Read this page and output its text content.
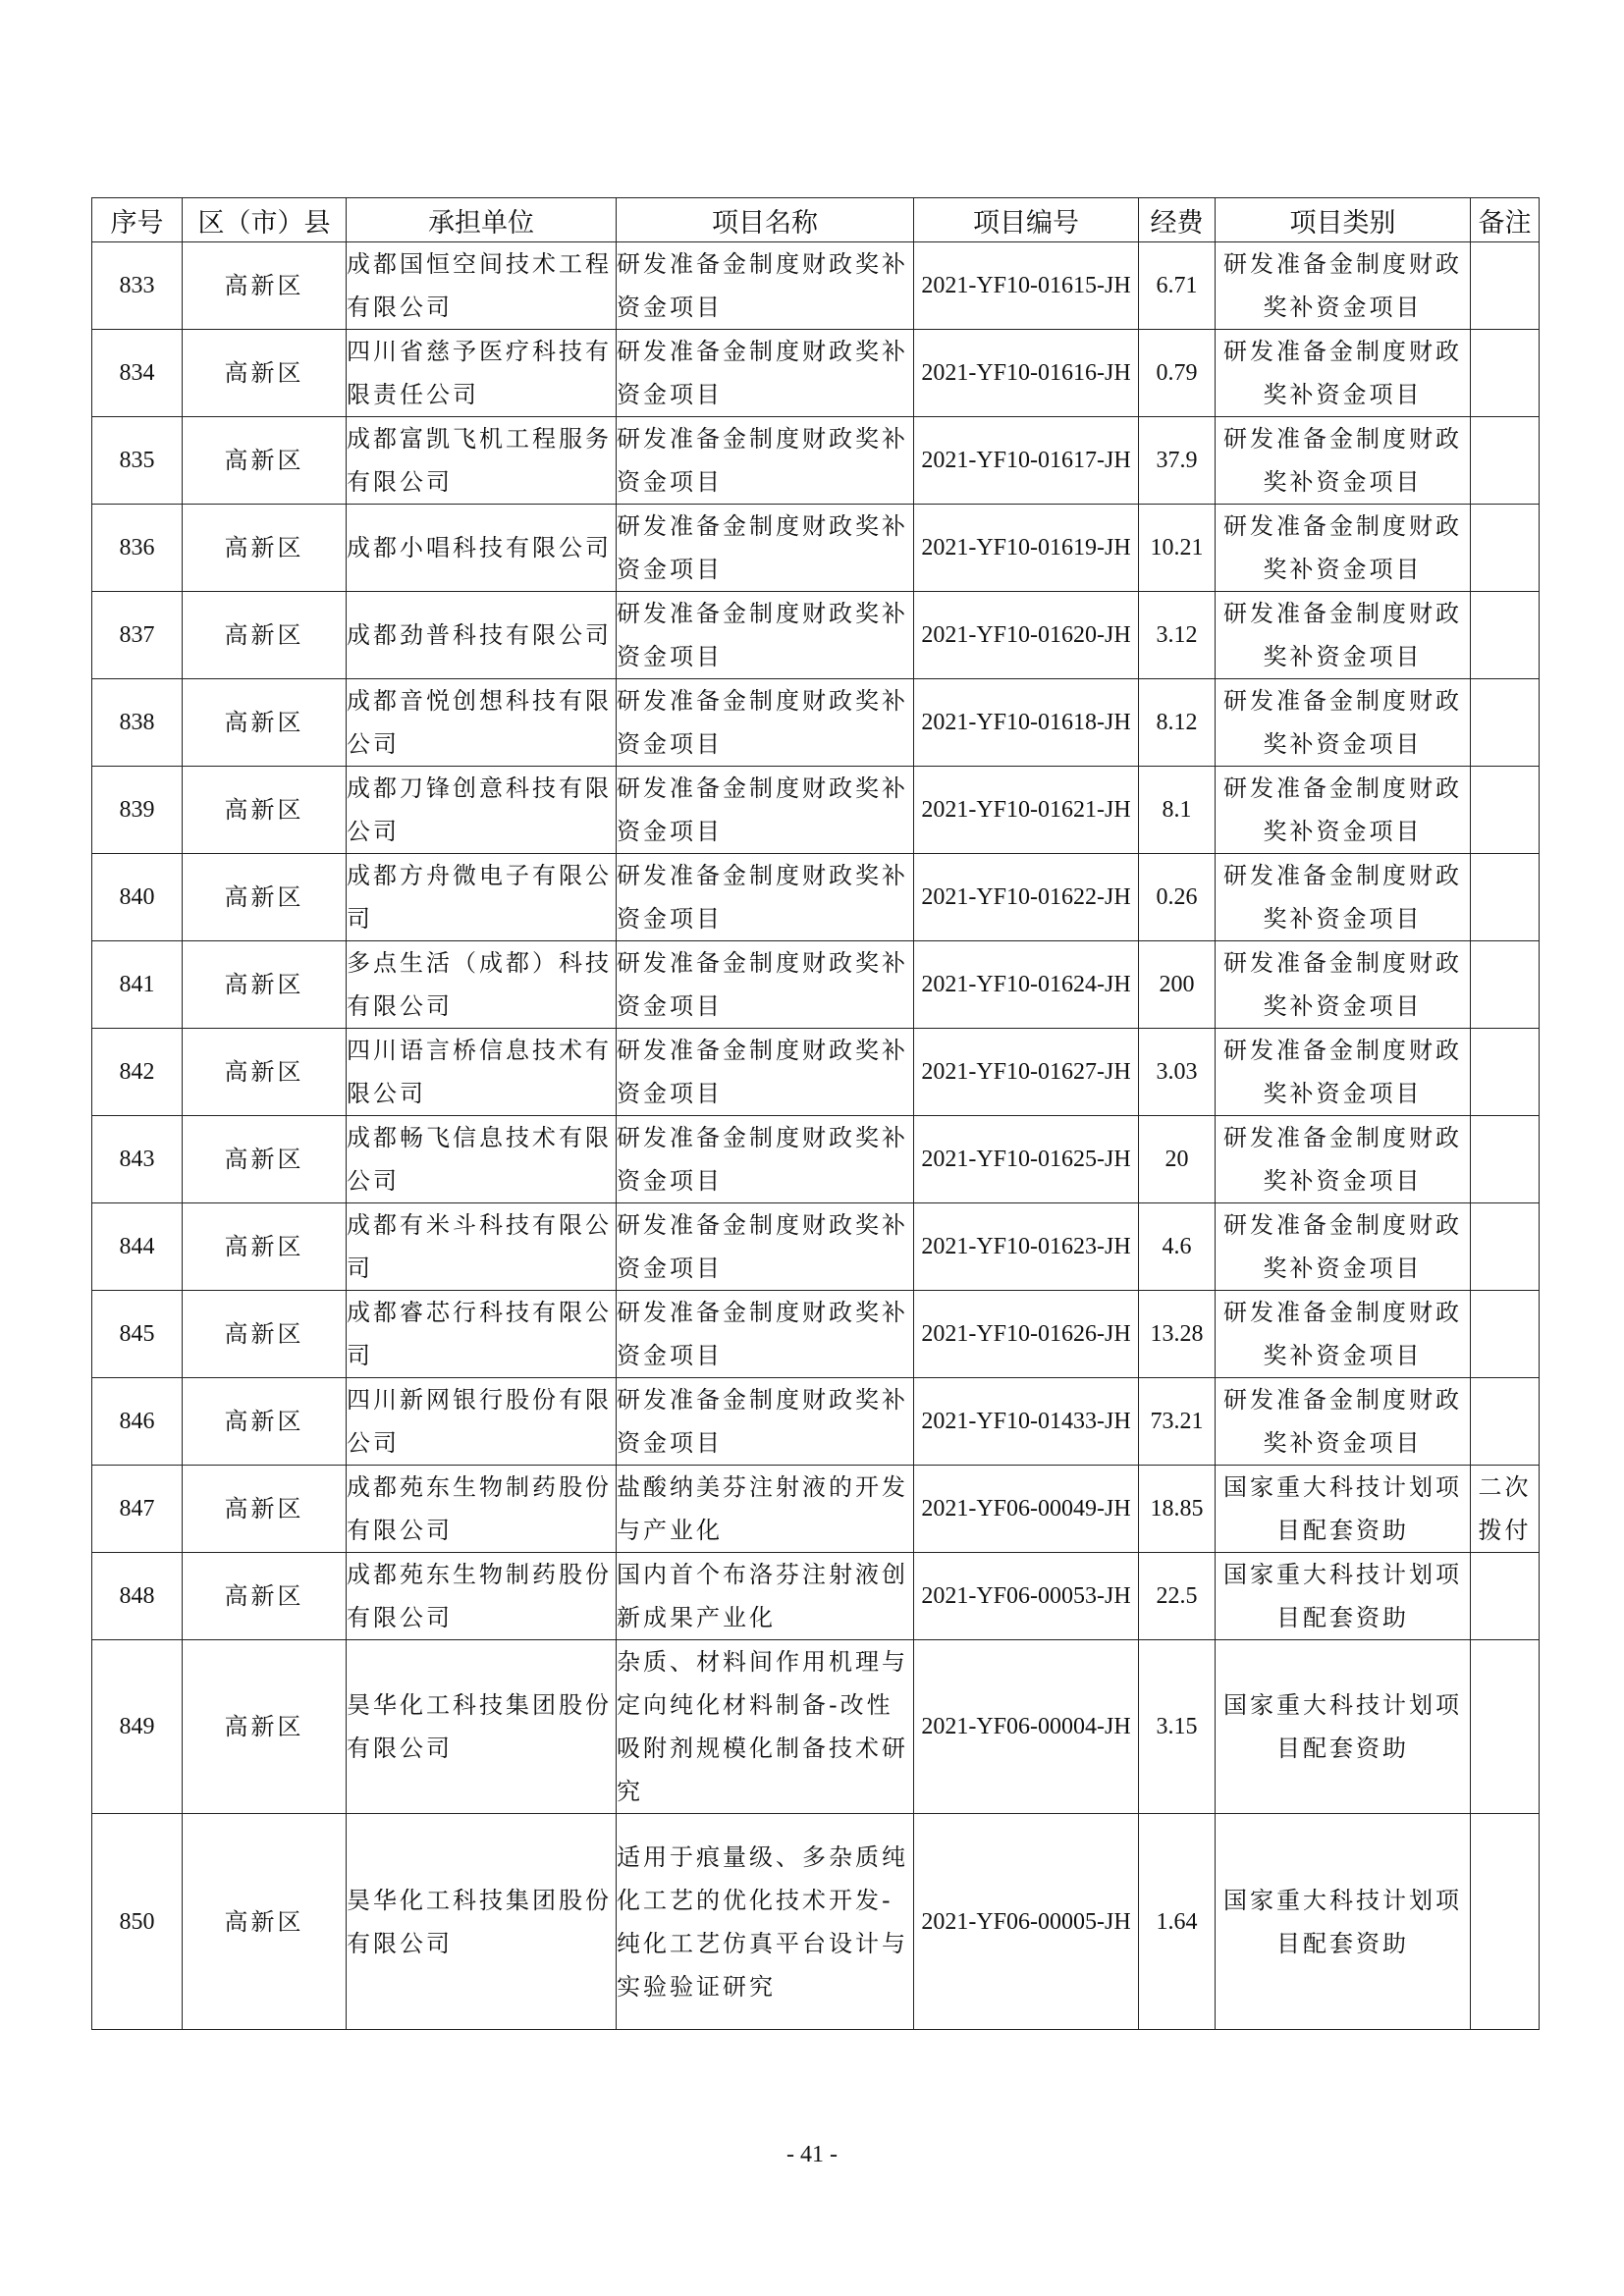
序号	区（市）县	承担单位	项目名称	项目编号	经费	项目类别	备注
833	高新区	成都国恒空间技术工程有限公司	研发准备金制度财政奖补资金项目	2021-YF10-01615-JH	6.71	研发准备金制度财政奖补资金项目	
834	高新区	四川省慈予医疗科技有限责任公司	研发准备金制度财政奖补资金项目	2021-YF10-01616-JH	0.79	研发准备金制度财政奖补资金项目	
835	高新区	成都富凯飞机工程服务有限公司	研发准备金制度财政奖补资金项目	2021-YF10-01617-JH	37.9	研发准备金制度财政奖补资金项目	
836	高新区	成都小唱科技有限公司	研发准备金制度财政奖补资金项目	2021-YF10-01619-JH	10.21	研发准备金制度财政奖补资金项目	
837	高新区	成都劲普科技有限公司	研发准备金制度财政奖补资金项目	2021-YF10-01620-JH	3.12	研发准备金制度财政奖补资金项目	
838	高新区	成都音悦创想科技有限公司	研发准备金制度财政奖补资金项目	2021-YF10-01618-JH	8.12	研发准备金制度财政奖补资金项目	
839	高新区	成都刀锋创意科技有限公司	研发准备金制度财政奖补资金项目	2021-YF10-01621-JH	8.1	研发准备金制度财政奖补资金项目	
840	高新区	成都方舟微电子有限公司	研发准备金制度财政奖补资金项目	2021-YF10-01622-JH	0.26	研发准备金制度财政奖补资金项目	
841	高新区	多点生活（成都）科技有限公司	研发准备金制度财政奖补资金项目	2021-YF10-01624-JH	200	研发准备金制度财政奖补资金项目	
842	高新区	四川语言桥信息技术有限公司	研发准备金制度财政奖补资金项目	2021-YF10-01627-JH	3.03	研发准备金制度财政奖补资金项目	
843	高新区	成都畅飞信息技术有限公司	研发准备金制度财政奖补资金项目	2021-YF10-01625-JH	20	研发准备金制度财政奖补资金项目	
844	高新区	成都有米斗科技有限公司	研发准备金制度财政奖补资金项目	2021-YF10-01623-JH	4.6	研发准备金制度财政奖补资金项目	
845	高新区	成都睿芯行科技有限公司	研发准备金制度财政奖补资金项目	2021-YF10-01626-JH	13.28	研发准备金制度财政奖补资金项目	
846	高新区	四川新网银行股份有限公司	研发准备金制度财政奖补资金项目	2021-YF10-01433-JH	73.21	研发准备金制度财政奖补资金项目	
847	高新区	成都苑东生物制药股份有限公司	盐酸纳美芬注射液的开发与产业化	2021-YF06-00049-JH	18.85	国家重大科技计划项目配套资助	二次拨付
848	高新区	成都苑东生物制药股份有限公司	国内首个布洛芬注射液创新成果产业化	2021-YF06-00053-JH	22.5	国家重大科技计划项目配套资助	
849	高新区	昊华化工科技集团股份有限公司	杂质、材料间作用机理与定向纯化材料制备-改性吸附剂规模化制备技术研究	2021-YF06-00004-JH	3.15	国家重大科技计划项目配套资助	
850	高新区	昊华化工科技集团股份有限公司	适用于痕量级、多杂质纯化工艺的优化技术开发-纯化工艺仿真平台设计与实验验证研究	2021-YF06-00005-JH	1.64	国家重大科技计划项目配套资助	
- 41 -
